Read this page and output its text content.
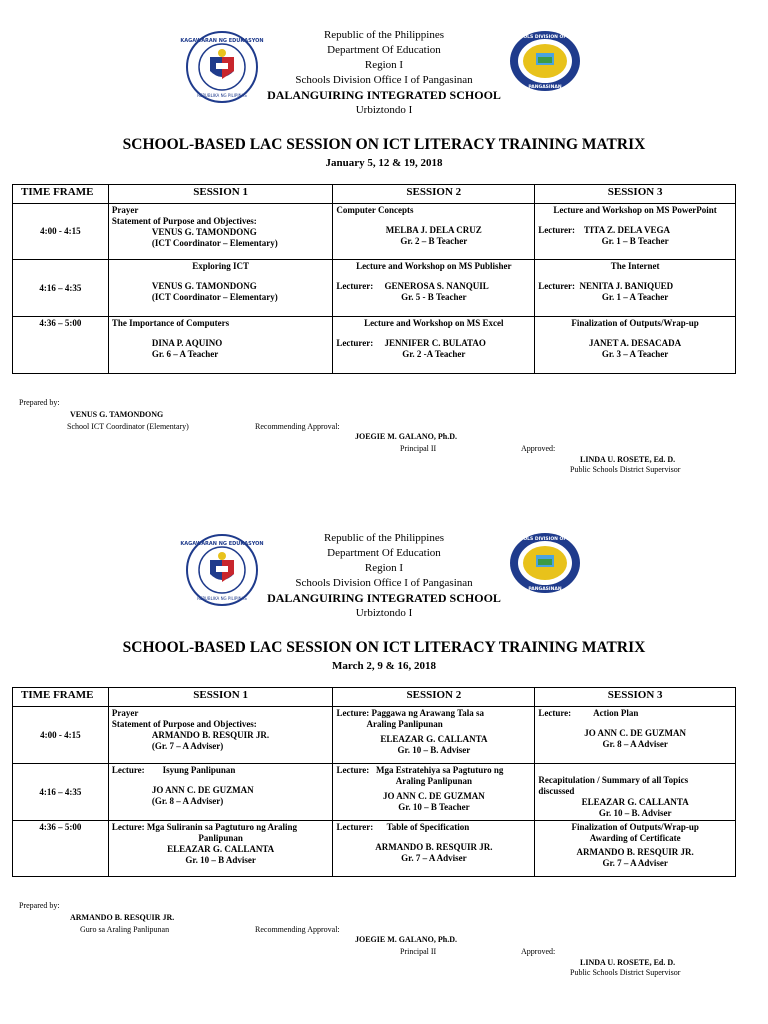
KAGAWARAN NG EDUKASYON
REPUBLIKA NG PILIPINAS
SCHOOLS DIVISION OFFICE I
PANGASINAN
Republic of the Philippines
Department Of Education
Region I
Schools Division Office I of Pangasinan
DALANGUIRING INTEGRATED SCHOOL
Urbiztondo I
SCHOOL-BASED LAC SESSION ON ICT LITERACY TRAINING MATRIX
January 5, 12 & 19, 2018
TIME FRAME	SESSION 1	SESSION 2	SESSION 3
4:00 - 4:15	Prayer
Statement of Purpose and Objectives:
VENUS G. TAMONDONG
(ICT Coordinator – Elementary)	Computer Concepts
MELBA J. DELA CRUZ
Gr. 2 – B Teacher	Lecture and Workshop on MS PowerPoint
Lecturer:    TITA Z. DELA VEGA
Gr. 1 – B Teacher

4:16 – 4:35	Exploring ICT
VENUS G. TAMONDONG
(ICT Coordinator – Elementary)	Lecture and Workshop on MS Publisher
Lecturer:     GENEROSA S. NANQUIL
Gr. 5 - B Teacher	The Internet
Lecturer:  NENITA J. BANIQUED
Gr. 1 – A Teacher

4:36 – 5:00	The Importance of Computers
DINA P. AQUINO
Gr. 6 – A Teacher	Lecture and Workshop on MS Excel
Lecturer:     JENNIFER C. BULATAO
Gr. 2 -A Teacher	Finalization of Outputs/Wrap-up
JANET A. DESACADA
Gr. 3 – A Teacher
Prepared by:
VENUS G. TAMONDONG
School ICT Coordinator (Elementary)	Recommending Approval:
JOEGIE M. GALANO, Ph.D.
Principal II	Approved:
LINDA U. ROSETE, Ed. D.
Public Schools District Supervisor
KAGAWARAN NG EDUKASYON
REPUBLIKA NG PILIPINAS
SCHOOLS DIVISION OFFICE I
PANGASINAN
Republic of the Philippines
Department Of Education
Region I
Schools Division Office I of Pangasinan
DALANGUIRING INTEGRATED SCHOOL
Urbiztondo I
SCHOOL-BASED LAC SESSION ON ICT LITERACY TRAINING MATRIX
March 2, 9 & 16, 2018
TIME FRAME	SESSION 1	SESSION 2	SESSION 3
4:00 - 4:15	Prayer
Statement of Purpose and Objectives:
ARMANDO B. RESQUIR JR.
(Gr. 7 – A Adviser)	Lecture: Paggawa ng Arawang Tala sa
Araling Panlipunan
ELEAZAR G. CALLANTA
Gr. 10 – B. Adviser	Lecture:          Action Plan
JO ANN C. DE GUZMAN
Gr. 8 – A Adviser

4:16 – 4:35	Lecture:        Isyung Panlipunan
JO ANN C. DE GUZMAN
(Gr. 8 – A Adviser)	Lecture:   Mga Estratehiya sa Pagtuturo ng
Araling Panlipunan
JO ANN C. DE GUZMAN
Gr. 10 – B Teacher	Recapitulation / Summary of all Topics
discussed
ELEAZAR G. CALLANTA
Gr. 10 – B. Adviser

4:36 – 5:00	Lecture: Mga Suliranin sa Pagtuturo ng Araling
Panlipunan
ELEAZAR G. CALLANTA
Gr. 10 – B Adviser	Lecturer:      Table of Specification
ARMANDO B. RESQUIR JR.
Gr. 7 – A Adviser	Finalization of Outputs/Wrap-up
Awarding of Certificate
ARMANDO B. RESQUIR JR.
Gr. 7 – A Adviser
Prepared by:
ARMANDO B. RESQUIR JR.
Guro sa Araling Panlipunan	Recommending Approval:
JOEGIE M. GALANO, Ph.D.
Principal II	Approved:
LINDA U. ROSETE, Ed. D.
Public Schools District Supervisor
